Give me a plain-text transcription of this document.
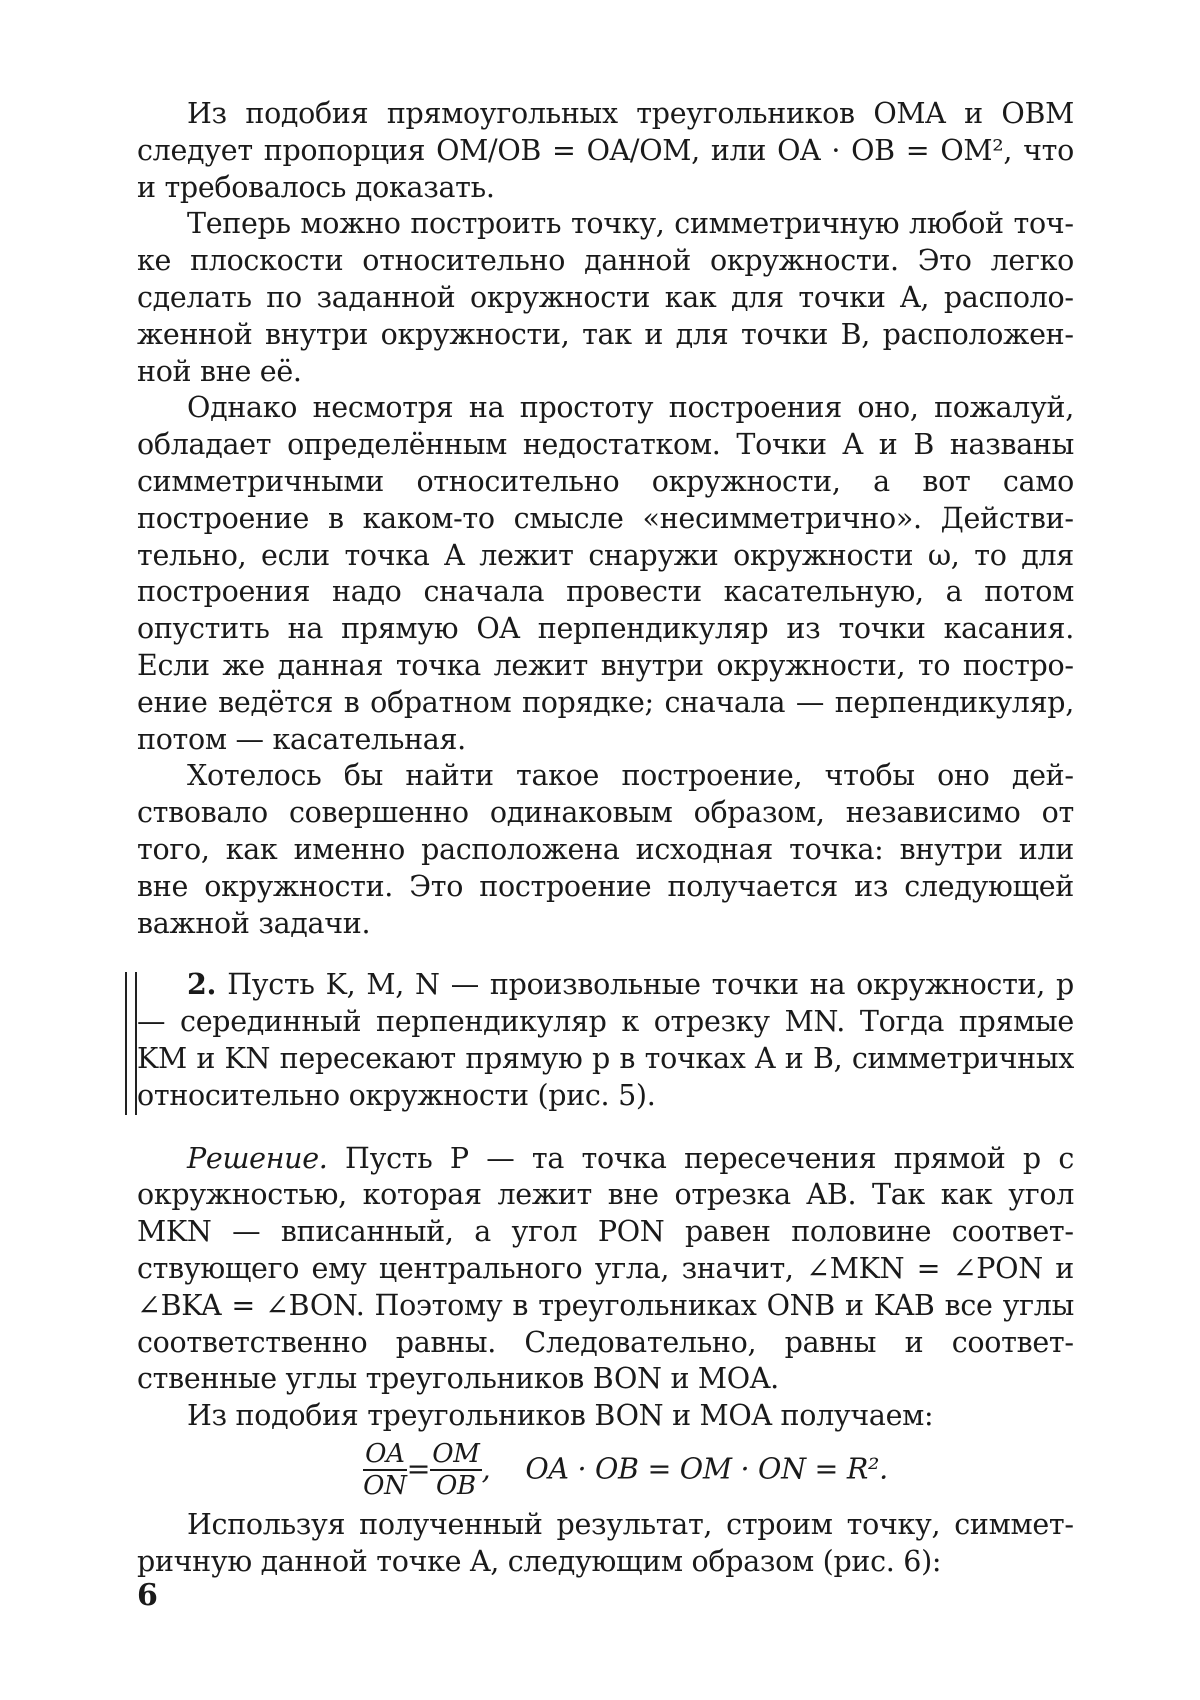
Из подобия прямоугольных треугольников OMA и OBM следует пропорция OM/OB = OA/OM, или OA · OB = OM², что и требовалось доказать.

Теперь можно построить точку, симметричную любой точ­ке плоскости относительно данной окружности. Это легко сделать по заданной окружности как для точки A, располо­женной внутри окружности, так и для точки B, расположен­ной вне её.

Однако несмотря на простоту построения оно, пожалуй, обладает определённым недостатком. Точки A и B назва­ны симметричными относительно окружности, а вот само построение в каком-то смысле «несимметрично». Действи­тельно, если точка A лежит снаружи окружности ω, то для построения надо сначала провести касательную, а потом опустить на прямую OA перпендикуляр из точки касания. Если же данная точка лежит внутри окружности, то постро­ение ведётся в обратном порядке; сначала — перпендикуляр, потом — касательная.

Хотелось бы найти такое построение, чтобы оно дей­ствовало совершенно одинаковым образом, независимо от того, как именно расположена исходная точка: внутри или вне окружности. Это построение получается из следующей важной задачи.

2. Пусть K, M, N — произвольные точки на окружности, p — серединный перпендикуляр к отрезку MN. Тогда пря­мые KM и KN пересекают прямую p в точках A и B, симметричных относительно окружности (рис. 5).

Решение. Пусть P — та точка пересечения прямой p с окружностью, которая лежит вне отрезка AB. Так как угол MKN — вписанный, а угол PON равен половине соответ­ствующего ему центрального угла, значит, ∠MKN = ∠PON и ∠BKA = ∠BON. Поэтому в треугольниках ONB и KAB все углы соответственно равны. Следовательно, равны и соответ­ственные углы треугольников BON и MOA.

Из подобия треугольников BON и MOA получаем:

OA
ON
= OM
OB
,    OA · OB = OM · ON = R².

Используя полученный результат, строим точку, симмет­ричную данной точке A, следующим образом (рис. 6):

6
